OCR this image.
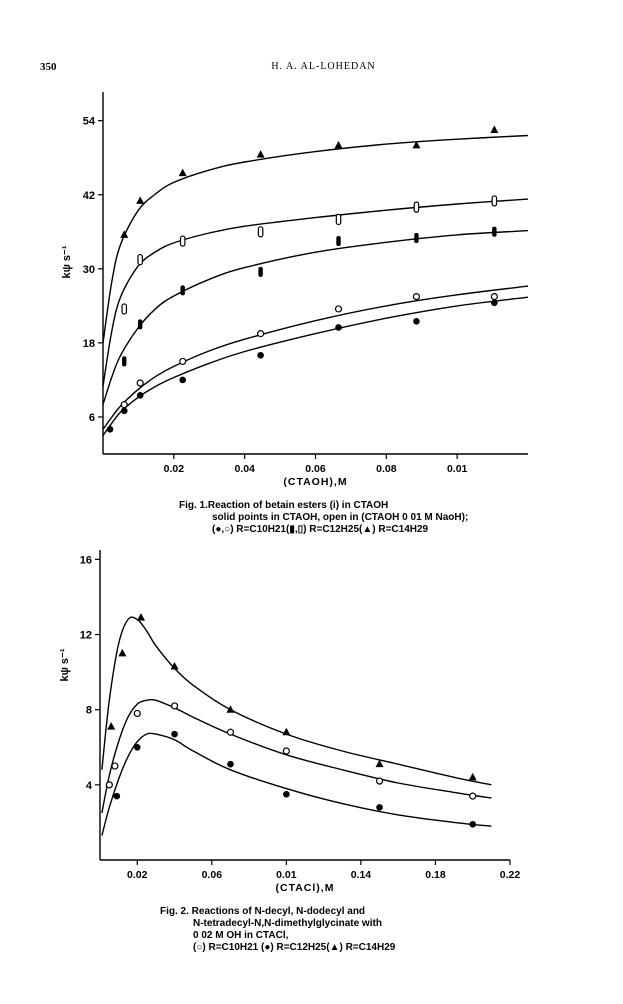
350	H. A. AL-LOHEDAN
6
18
30
42
54
0.02	0.04	0.06	0.08	0.01
(CTAOH),M
kψ s⁻¹
4
8
12
16
0.02	0.06	0.01	0.14	0.18	0.22
(CTACl),M
kψ s⁻¹
Fig. 1.Reaction of betain esters (i) in CTAOH
solid points in CTAOH, open in (CTAOH 0 01 M NaoH);
(●,○) R=C10H21(▮,▯) R=C12H25(▲) R=C14H29
Fig. 2. Reactions of N-decyl, N-dodecyl and
N-tetradecyl-N,N-dimethylglycinate with
0 02 M OH in CTACl,
(○) R=C10H21 (●) R=C12H25(▲) R=C14H29
